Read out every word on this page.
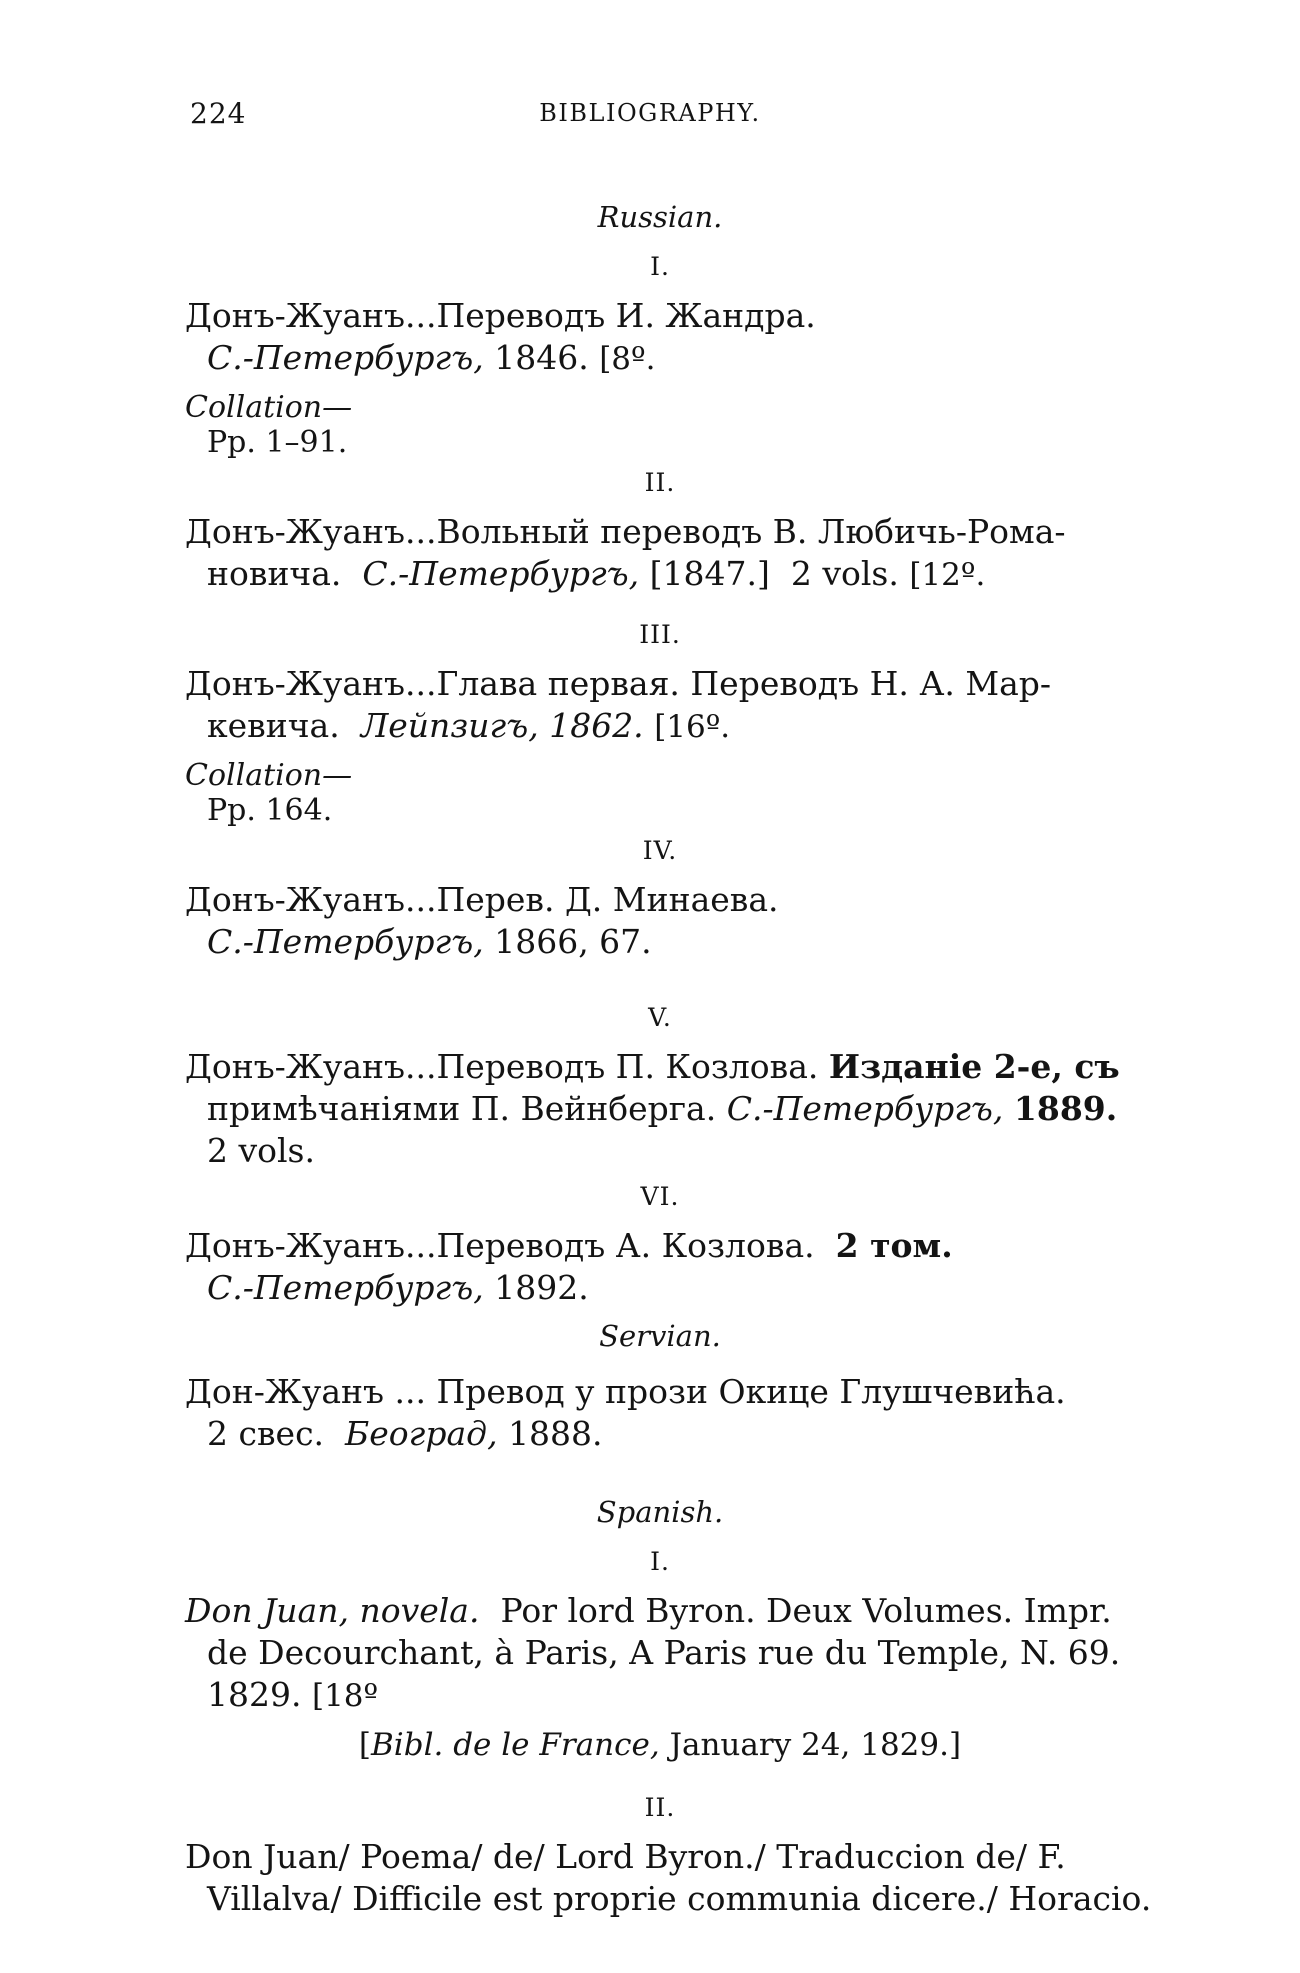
224	BIBLIOGRAPHY.
Russian.
I.
Донъ-Жуанъ...Переводъ И. Жандра.
С.-Петербургъ, 1846. [8º.
Collation—
Pp. 1–91.
II.
Донъ-Жуанъ...Вольный переводъ В. Любичь-Рома-
новича. С.-Петербургъ, [1847.] 2 vols. [12º.
III.
Донъ-Жуанъ...Глава первая. Переводъ Н. А. Мар-
кевича. Лейпзигъ, 1862. [16º.
Collation—
Pp. 164.
IV.
Донъ-Жуанъ...Перев. Д. Минаева.
С.-Петербургъ, 1866, 67.
V.
Донъ-Жуанъ...Переводъ П. Козлова. Изданіе 2-е, съ
примѣчаніями П. Вейнберга. С.-Петербургъ, 1889.
2 vols.
VI.
Донъ-Жуанъ...Переводъ А. Козлова. 2 том.
С.-Петербургъ, 1892.
Servian.
Дон-Жуанъ ... Превод у прози Окице Глушчевића.
2 свес. Београд, 1888.
Spanish.
I.
Don Juan, novela. Por lord Byron. Deux Volumes. Impr.
de Decourchant, à Paris, A Paris rue du Temple, N. 69.
1829. [18º
[Bibl. de le France, January 24, 1829.]
II.
Don Juan/ Poema/ de/ Lord Byron./ Traduccion de/ F.
Villalva/ Difficile est proprie communia dicere./ Horacio.
